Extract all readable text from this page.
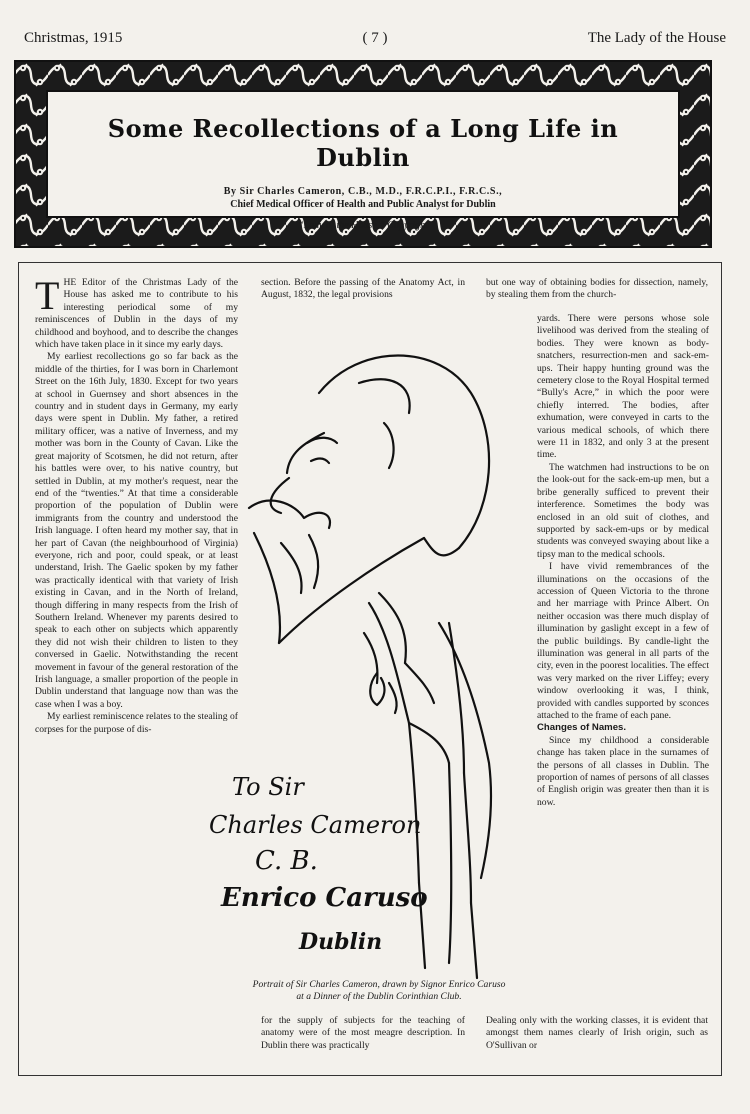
Christmas, 1915	( 7 )	The Lady of the House
Some Recollections of a Long Life in Dublin
By Sir Charles Cameron, C.B., M.D., F.R.C.P.I., F.R.C.S.,
Chief Medical Officer of Health and Public Analyst for Dublin
“Lady of the House,” Copyright

THE Editor of the Christmas Lady of the House has asked me to contribute to his interesting periodical some of my reminiscences of Dublin in the days of my childhood and boyhood, and to describe the changes which have taken place in it since my early days.

My earliest recollections go so far back as the middle of the thirties, for I was born in Charlemont Street on the 16th July, 1830. Except for two years at school in Guernsey and short absences in the country and in student days in Germany, my early days were spent in Dublin. My father, a retired military officer, was a native of Inverness, and my mother was born in the County of Cavan. Like the great majority of Scotsmen, he did not return, after his battles were over, to his native country, but settled in Dublin, at my mother's request, near the end of the “twenties.” At that time a considerable proportion of the population of Dublin were immigrants from the country and understood the Irish language. I often heard my mother say, that in her part of Cavan (the neighbourhood of Virginia) everyone, rich and poor, could speak, or at least understand, Irish. The Gaelic spoken by my father was practically identical with that variety of Irish existing in Cavan, and in the North of Ireland, though differing in many respects from the Irish of Southern Ireland. Whenever my parents desired to speak to each other on subjects which apparently they did not wish their children to listen to they conversed in Gaelic. Notwithstanding the recent movement in favour of the general restoration of the Irish language, a smaller proportion of the people in Dublin understand that language now than was the case when I was a boy.

My earliest reminiscence relates to the stealing of corpses for the purpose of dis-

section. Before the passing of the Anatomy Act, in August, 1832, the legal provisions

but one way of obtaining bodies for dissection, namely, by stealing them from the church-

yards. There were persons whose sole livelihood was derived from the stealing of bodies. They were known as body-snatchers, resurrection-men and sack-em-ups. Their happy hunting ground was the cemetery close to the Royal Hospital termed “Bully's Acre,” in which the poor were chiefly interred. The bodies, after exhumation, were conveyed in carts to the various medical schools, of which there were 11 in 1832, and only 3 at the present time.

The watchmen had instructions to be on the look-out for the sack-em-up men, but a bribe generally sufficed to prevent their interference. Sometimes the body was enclosed in an old suit of clothes, and supported by sack-em-ups or by medical students was conveyed swaying about like a tipsy man to the medical schools.

I have vivid remembrances of the illuminations on the occasions of the accession of Queen Victoria to the throne and her marriage with Prince Albert. On neither occasion was there much display of illumination by gaslight except in a few of the public buildings. By candle-light the illumination was general in all parts of the city, even in the poorest localities. The effect was very marked on the river Liffey; every window overlooking it was, I think, provided with candles supported by sconces attached to the frame of each pane.

Changes of Names.

Since my childhood a considerable change has taken place in the surnames of the persons of all classes in Dublin. The proportion of names of persons of all classes of English origin was greater then than it is now.

To Sir
Charles Cameron
C. B.
Enrico Caruso
Dublin
Portrait of Sir Charles Cameron, drawn by Signor Enrico Caruso
at a Dinner of the Dublin Corinthian Club.

for the supply of subjects for the teaching of anatomy were of the most meagre description. In Dublin there was practically

Dealing only with the working classes, it is evident that amongst them names clearly of Irish origin, such as O'Sullivan or
